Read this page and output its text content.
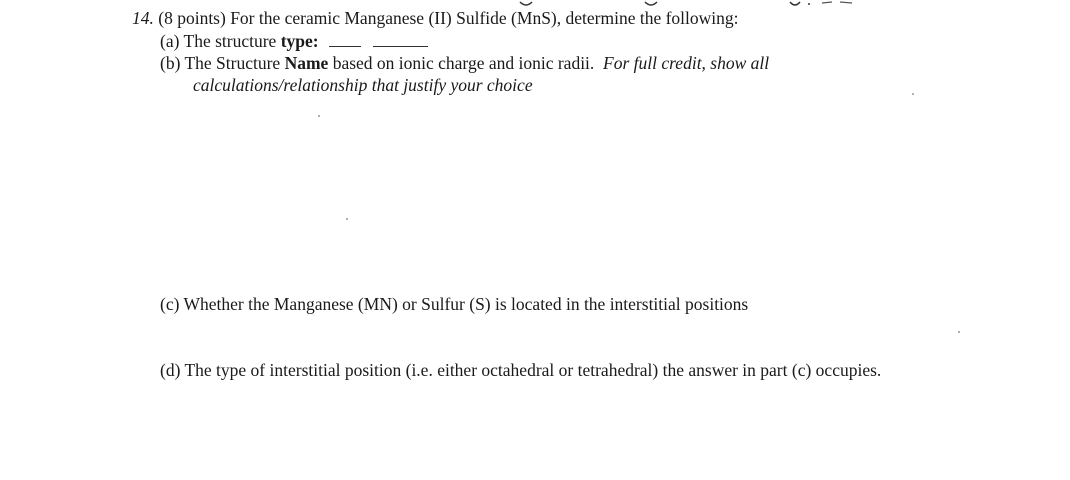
14. (8 points) For the ceramic Manganese (II) Sulfide (MnS), determine the following:
(a) The structure type:
(b) The Structure Name based on ionic charge and ionic radii. For full credit, show all
calculations/relationship that justify your choice
(c) Whether the Manganese (MN) or Sulfur (S) is located in the interstitial positions
(d) The type of interstitial position (i.e. either octahedral or tetrahedral) the answer in part (c) occupies.
